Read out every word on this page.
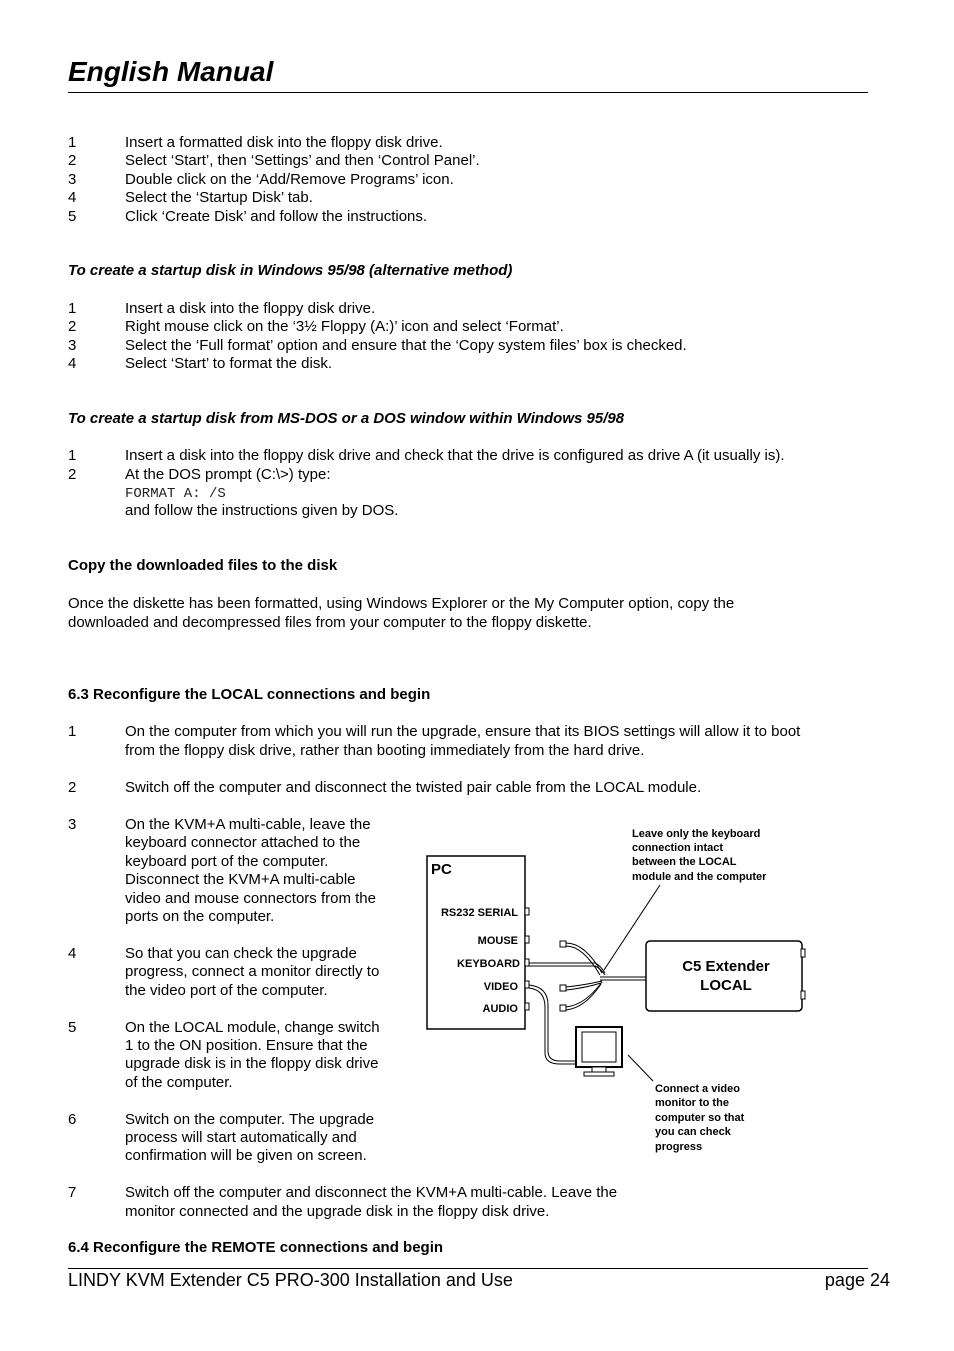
English Manual
1	Insert a formatted disk into the floppy disk drive.
2	Select ‘Start’, then ‘Settings’ and then ‘Control Panel’.
3	Double click on the ‘Add/Remove Programs’ icon.
4	Select the ‘Startup Disk’ tab.
5	Click ‘Create Disk’ and follow the instructions.
To create a startup disk in Windows 95/98 (alternative method)
1	Insert a disk into the floppy disk drive.
2	Right mouse click on the ‘3½ Floppy (A:)’ icon and select ‘Format’.
3	Select the ‘Full format’ option and ensure that the ‘Copy system files’ box is checked.
4	Select ‘Start’ to format the disk.
To create a startup disk from MS-DOS or a DOS window within Windows 95/98
1	Insert a disk into the floppy disk drive and check that the drive is configured as drive A (it usually is).
2	At the DOS prompt (C:\>) type:
FORMAT A: /S
and follow the instructions given by DOS.
Copy the downloaded files to the disk
Once the diskette has been formatted, using Windows Explorer or the My Computer option, copy the
downloaded and decompressed files from your computer to the floppy diskette.
6.3 Reconfigure the LOCAL connections and begin
1	On the computer from which you will run the upgrade, ensure that its BIOS settings will allow it to boot
from the floppy disk drive, rather than booting immediately from the hard drive.
2	Switch off the computer and disconnect the twisted pair cable from the LOCAL module.
3	On the KVM+A multi-cable, leave the
keyboard connector attached to the
keyboard port of the computer.
Disconnect the KVM+A multi-cable
video and mouse connectors from the
ports on the computer.
4	So that you can check the upgrade
progress, connect a monitor directly to
the video port of the computer.
5	On the LOCAL module, change switch
1 to the ON position. Ensure that the
upgrade disk is in the floppy disk drive
of the computer.
6	Switch on the computer. The upgrade
process will start automatically and
confirmation will be given on screen.
7	Switch off the computer and disconnect the KVM+A multi-cable. Leave the
monitor connected and the upgrade disk in the floppy disk drive.
PC
RS232 SERIAL
MOUSE
KEYBOARD
VIDEO
AUDIO
C5 Extender
LOCAL
Leave only the keyboard
connection intact
between the LOCAL
module and the computer
Connect a video
monitor to the
computer so that
you can check
progress
6.4 Reconfigure the REMOTE connections and begin
LINDY KVM Extender C5 PRO-300 Installation and Use	page 24
